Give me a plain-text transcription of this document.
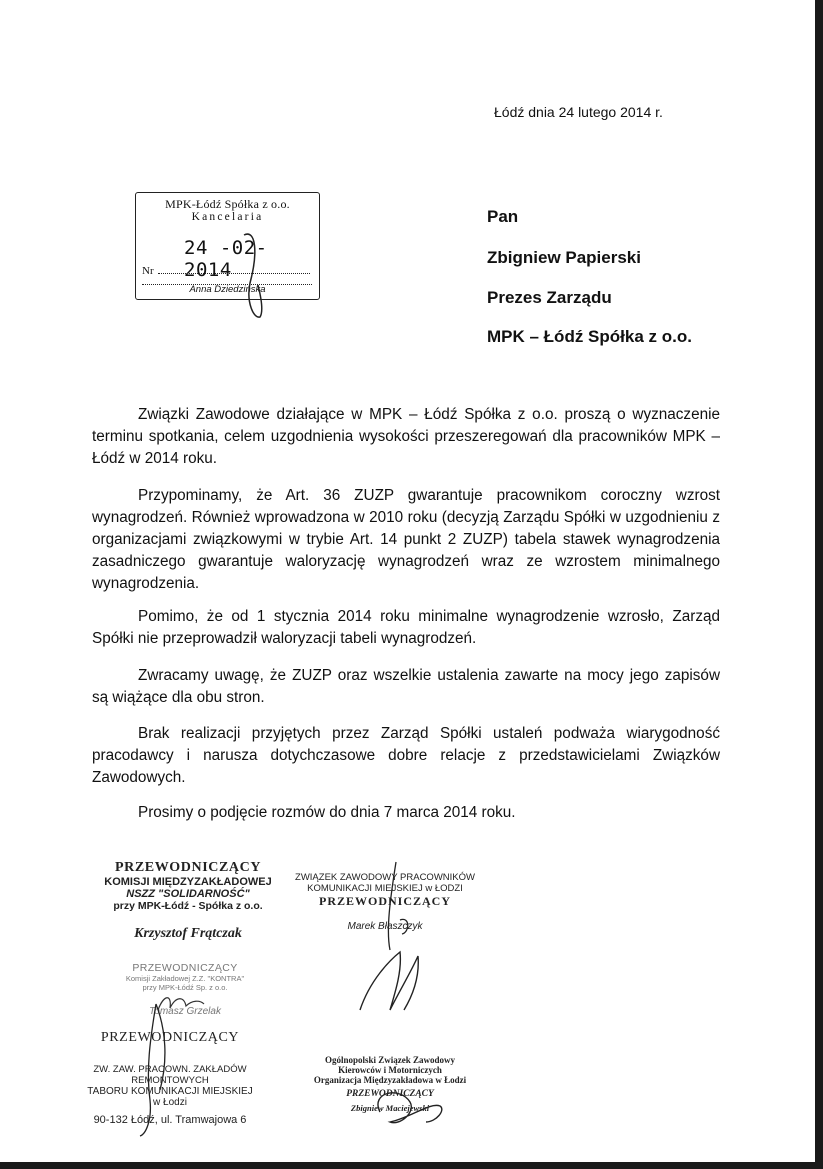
Łódź dnia 24 lutego 2014 r.
MPK-Łódź Spółka z o.o.
Kancelaria
24 -02- 2014
Nr
Anna Dziedzińska
Pan
Zbigniew Papierski
Prezes Zarządu
MPK – Łódź Spółka z o.o.
Związki Zawodowe działające w MPK – Łódź Spółka z o.o. proszą o wyznaczenie terminu spotkania, celem uzgodnienia wysokości przeszeregowań dla pracowników MPK – Łódź w 2014 roku.
Przypominamy, że Art. 36 ZUZP gwarantuje pracownikom coroczny wzrost wynagrodzeń. Również wprowadzona w 2010 roku (decyzją Zarządu Spółki w uzgodnieniu z organizacjami związkowymi w trybie Art. 14 punkt 2 ZUZP) tabela stawek wynagrodzenia zasadniczego gwarantuje waloryzację wynagrodzeń wraz ze wzrostem minimalnego wynagrodzenia.
Pomimo, że od 1 stycznia 2014 roku minimalne wynagrodzenie wzrosło, Zarząd Spółki nie przeprowadził waloryzacji tabeli wynagrodzeń.
Zwracamy uwagę, że ZUZP oraz wszelkie ustalenia zawarte na mocy jego zapisów są wiążące dla obu stron.
Brak realizacji przyjętych przez Zarząd Spółki ustaleń podważa wiarygodność pracodawcy i narusza dotychczasowe dobre relacje z przedstawicielami Związków Zawodowych.
Prosimy o podjęcie rozmów do dnia 7 marca 2014 roku.
PRZEWODNICZĄCY
KOMISJI MIĘDZYZAKŁADOWEJ
NSZZ "SOLIDARNOŚĆ"
przy MPK-Łódź - Spółka z o.o.
Krzysztof Frątczak
PRZEWODNICZĄCY
Komisji Zakładowej Z.Z. "KONTRA"
przy MPK-Łódź Sp. z o.o.
Tomasz Grzelak
PRZEWODNICZĄCY
ZW. ZAW. PRACOWN. ZAKŁADÓW REMONTOWYCH
TABORU KOMUNIKACJI MIEJSKIEJ
w Łodzi
90-132 Łódź, ul. Tramwajowa 6
ZWIĄZEK ZAWODOWY PRACOWNIKÓW
KOMUNIKACJI MIEJSKIEJ w ŁODZI
PRZEWODNICZĄCY
Marek Błaszczyk
Ogólnopolski Związek Zawodowy
Kierowców i Motorniczych
Organizacja Międzyzakładowa w Łodzi
PRZEWODNICZĄCY
Zbigniew Maciejewski
